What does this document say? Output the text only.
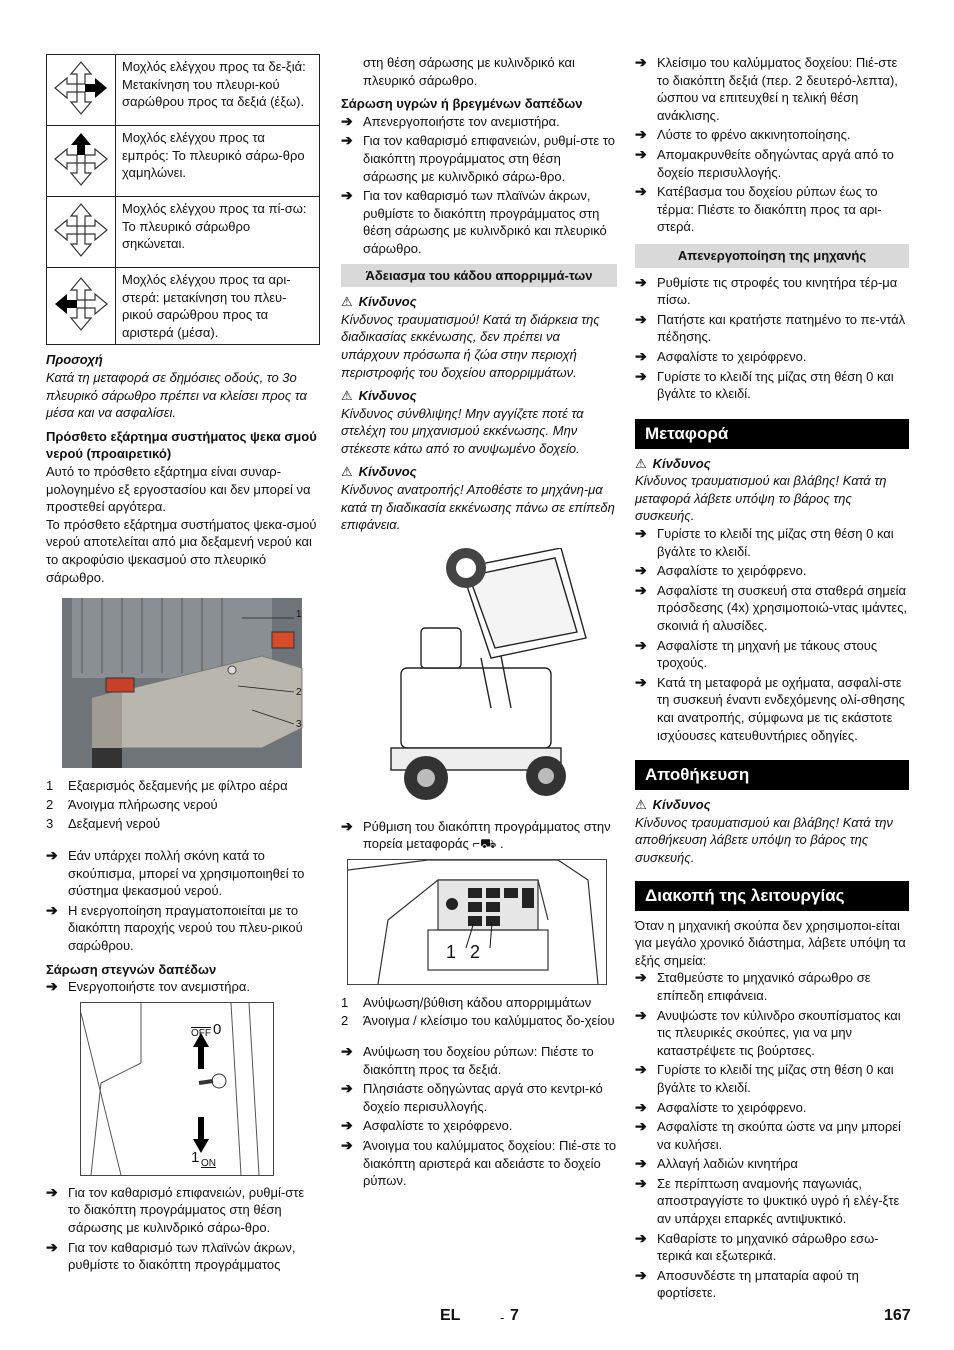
	Μοχλός ελέγχου προς τα δε-ξιά: Μετακίνηση του πλευρι-κού σαρώθρου προς τα δεξιά (έξω).
	Μοχλός ελέγχου προς τα εμπρός: Το πλευρικό σάρω-θρο χαμηλώνει.
	Μοχλός ελέγχου προς τα πί-σω: Το πλευρικό σάρωθρο σηκώνεται.
	Μοχλός ελέγχου προς τα αρι-στερά: μετακίνηση του πλευ-ρικού σαρώθρου προς τα αριστερά (μέσα).

Προσοχή

Κατά τη μεταφορά σε δημόσιες οδούς, το 3ο πλευρικό σάρωθρο πρέπει να κλείσει προς τα μέσα και να ασφαλίσει.

Πρόσθετο εξάρτημα συστήματος ψεκα σμού νερού (προαιρετικό)

Αυτό το πρόσθετο εξάρτημα είναι συναρ-μολογημένο εξ εργοστασίου και δεν μπορεί να προστεθεί αργότερα.

Το πρόσθετο εξάρτημα συστήματος ψεκα-σμού νερού αποτελείται από μια δεξαμενή νερού και το ακροφύσιο ψεκασμού στο πλευρικό σάρωθρο.

1
2
3
1 Εξαερισμός δεξαμενής με φίλτρο αέρα
2 Άνοιγμα πλήρωσης νερού
3 Δεξαμενή νερού
➔ Εάν υπάρχει πολλή σκόνη κατά το σκούπισμα, μπορεί να χρησιμοποιηθεί το σύστημα ψεκασμού νερού.
➔ Η ενεργοποίηση πραγματοποιείται με το διακόπτη παροχής νερού του πλευ-ρικού σαρώθρου.

Σάρωση στεγνών δαπέδων

➔ Ενεργοποιήστε τον ανεμιστήρα.
$\overline{OFF}$ 0
1 ON
➔ Για τον καθαρισμό επιφανειών, ρυθμί-στε το διακόπτη προγράμματος στη θέση σάρωσης με κυλινδρικό σάρω-θρο.
➔ Για τον καθαρισμό των πλαϊνών άκρων, ρυθμίστε το διακόπτη προγράμματος

στη θέση σάρωσης με κυλινδρικό και πλευρικό σάρωθρο.

Σάρωση υγρών ή βρεγμένων δαπέδων

➔ Απενεργοποιήστε τον ανεμιστήρα.
➔ Για τον καθαρισμό επιφανειών, ρυθμί-στε το διακόπτη προγράμματος στη θέση σάρωσης με κυλινδρικό σάρω-θρο.
➔ Για τον καθαρισμό των πλαϊνών άκρων, ρυθμίστε το διακόπτη προγράμματος στη θέση σάρωσης με κυλινδρικό και πλευρικό σάρωθρο.
Άδειασμα του κάδου απορριμμά-των

⚠ Κίνδυνος

Κίνδυνος τραυματισμού! Κατά τη διάρκεια της διαδικασίας εκκένωσης, δεν πρέπει να υπάρχουν πρόσωπα ή ζώα στην περιοχή περιστροφής του δοχείου απορριμμάτων.

⚠ Κίνδυνος

Κίνδυνος σύνθλιψης! Μην αγγίζετε ποτέ τα στελέχη του μηχανισμού εκκένωσης. Μην στέκεστε κάτω από το ανυψωμένο δοχείο.

⚠ Κίνδυνος

Κίνδυνος ανατροπής! Αποθέστε το μηχάνη-μα κατά τη διαδικασία εκκένωσης πάνω σε επίπεδη επιφάνεια.

➔ Ρύθμιση του διακόπτη προγράμματος στην πορεία μεταφοράς ⌐⛟ .
1 2
1 Ανύψωση/βύθιση κάδου απορριμμάτων
2 Άνοιγμα / κλείσιμο του καλύμματος δο-χείου
➔ Ανύψωση του δοχείου ρύπων: Πιέστε το διακόπτη προς τα δεξιά.
➔ Πλησιάστε οδηγώντας αργά στο κεντρι-κό δοχείο περισυλλογής.
➔ Ασφαλίστε το χειρόφρενο.
➔ Άνοιγμα του καλύμματος δοχείου: Πιέ-στε το διακόπτη αριστερά και αδειάστε το δοχείο ρύπων.
➔ Κλείσιμο του καλύμματος δοχείου: Πιέ-στε το διακόπτη δεξιά (περ. 2 δευτερό-λεπτα), ώσπου να επιτευχθεί η τελική θέση ανάκλισης.
➔ Λύστε το φρένο ακκινητοποίησης.
➔ Απομακρυνθείτε οδηγώντας αργά από το δοχείο περισυλλογής.
➔ Κατέβασμα του δοχείου ρύπων έως το τέρμα: Πιέστε το διακόπτη προς τα αρι-στερά.
Απενεργοποίηση της μηχανής
➔ Ρυθμίστε τις στροφές του κινητήρα τέρ-μα πίσω.
➔ Πατήστε και κρατήστε πατημένο το πε-ντάλ πέδησης.
➔ Ασφαλίστε το χειρόφρενο.
➔ Γυρίστε το κλειδί της μίζας στη θέση 0 και βγάλτε το κλειδί.
Μεταφορά

⚠ Κίνδυνος

Κίνδυνος τραυματισμού και βλάβης! Κατά τη μεταφορά λάβετε υπόψη το βάρος της συσκευής.

➔ Γυρίστε το κλειδί της μίζας στη θέση 0 και βγάλτε το κλειδί.
➔ Ασφαλίστε το χειρόφρενο.
➔ Ασφαλίστε τη συσκευή στα σταθερά σημεία πρόσδεσης (4x) χρησιμοποιώ-ντας ιμάντες, σκοινιά ή αλυσίδες.
➔ Ασφαλίστε τη μηχανή με τάκους στους τροχούς.
➔ Κατά τη μεταφορά με οχήματα, ασφαλί-στε τη συσκευή έναντι ενδεχόμενης ολί-σθησης και ανατροπής, σύμφωνα με τις εκάστοτε ισχύουσες κατευθυντήριες οδηγίες.
Αποθήκευση

⚠ Κίνδυνος

Κίνδυνος τραυματισμού και βλάβης! Κατά την αποθήκευση λάβετε υπόψη το βάρος της συσκευής.

Διακοπή της λειτουργίας

Όταν η μηχανική σκούπα δεν χρησιμοποι-είται για μεγάλο χρονικό διάστημα, λάβετε υπόψη τα εξής σημεία:

➔ Σταθμεύστε το μηχανικό σάρωθρο σε επίπεδη επιφάνεια.
➔ Ανυψώστε τον κύλινδρο σκουπίσματος και τις πλευρικές σκούπες, για να μην καταστρέψετε τις βούρτσες.
➔ Γυρίστε το κλειδί της μίζας στη θέση 0 και βγάλτε το κλειδί.
➔ Ασφαλίστε το χειρόφρενο.
➔ Ασφαλίστε τη σκούπα ώστε να μην μπορεί να κυλήσει.
➔ Αλλαγή λαδιών κινητήρα
➔ Σε περίπτωση αναμονής παγωνιάς, αποστραγγίστε το ψυκτικό υγρό ή ελέγ-ξτε αν υπάρχει επαρκές αντιψυκτικό.
➔ Καθαρίστε το μηχανικό σάρωθρο εσω-τερικά και εξωτερικά.
➔ Αποσυνδέστε τη μπαταρία αφού τη φορτίσετε.
EL	- 7	167
